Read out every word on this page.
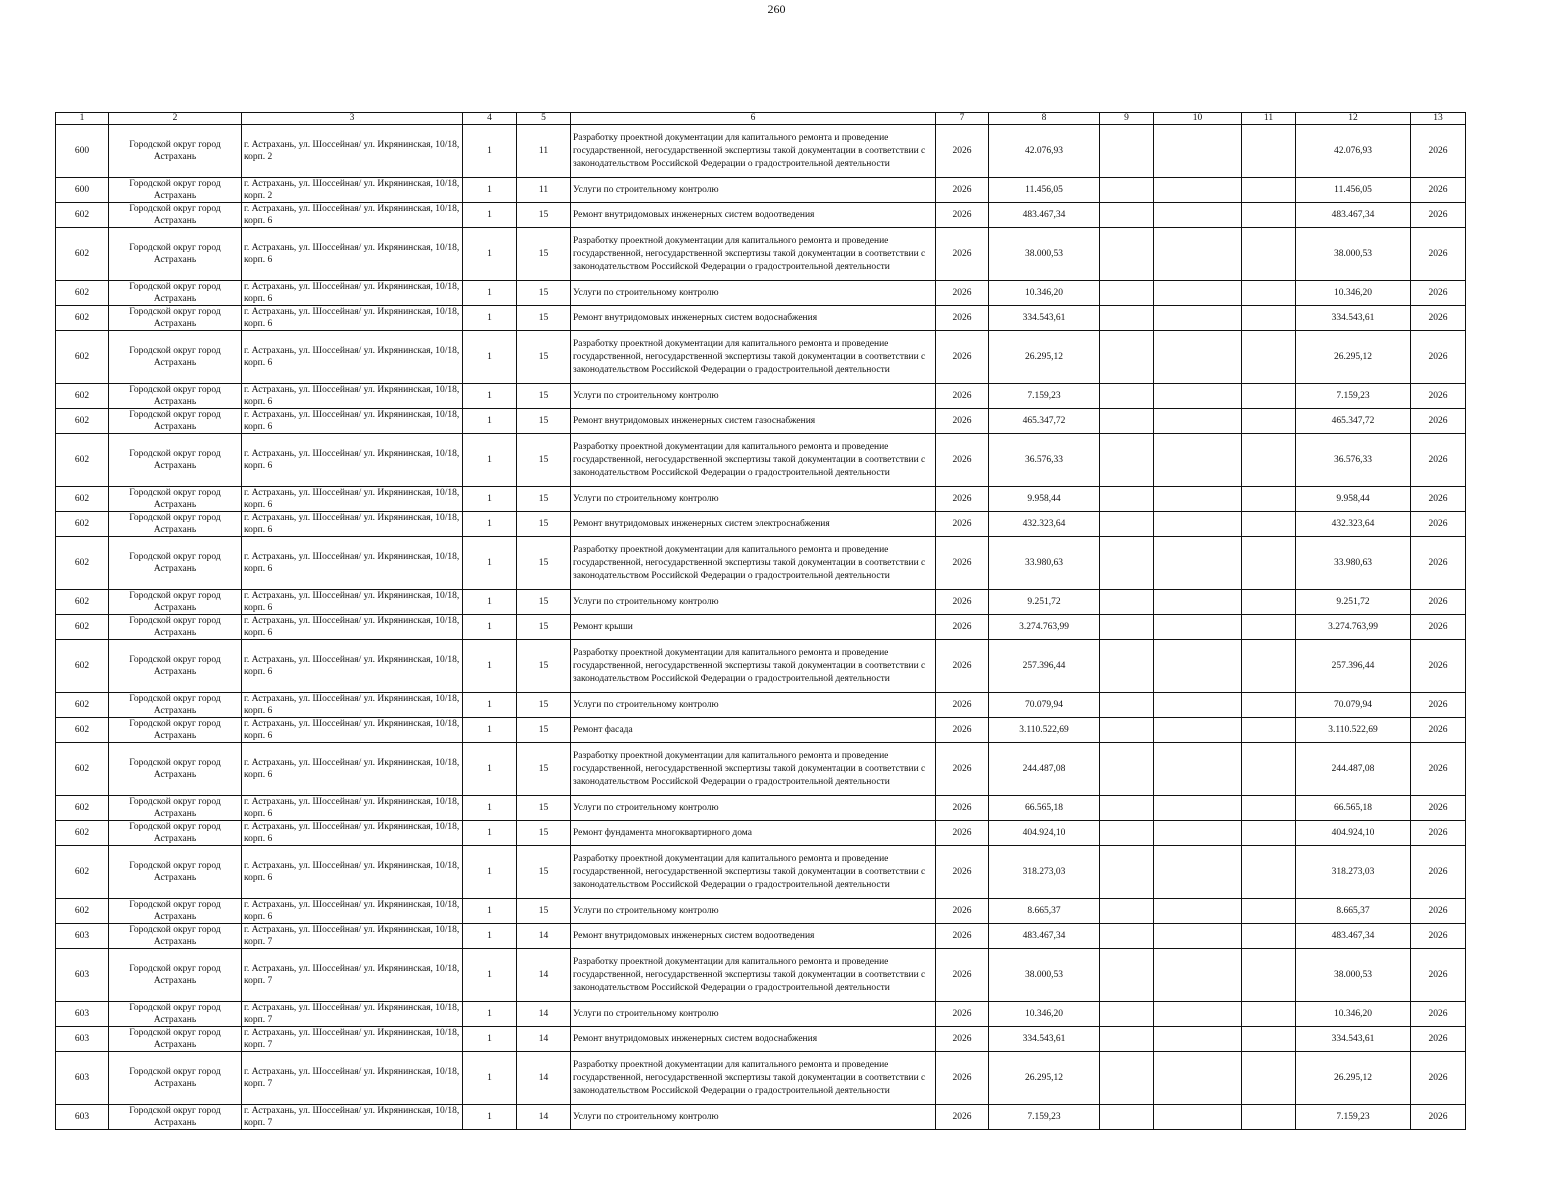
260
1	2	3	4	5	6	7	8	9	10	11	12	13
600	Городской округ город Астрахань	г. Астрахань, ул. Шоссейная/ ул. Икрянинская, 10/18, корп. 2	1	11	Разработку проектной документации для капитального ремонта и проведение государственной, негосударственной экспертизы такой документации в соответствии с законодательством Российской Федерации о градостроительной деятельности	2026	42.076,93				42.076,93	2026
600	Городской округ город Астрахань	г. Астрахань, ул. Шоссейная/ ул. Икрянинская, 10/18, корп. 2	1	11	Услуги по строительному контролю	2026	11.456,05				11.456,05	2026
602	Городской округ город Астрахань	г. Астрахань, ул. Шоссейная/ ул. Икрянинская, 10/18, корп. 6	1	15	Ремонт внутридомовых инженерных систем водоотведения	2026	483.467,34				483.467,34	2026
602	Городской округ город Астрахань	г. Астрахань, ул. Шоссейная/ ул. Икрянинская, 10/18, корп. 6	1	15	Разработку проектной документации для капитального ремонта и проведение государственной, негосударственной экспертизы такой документации в соответствии с законодательством Российской Федерации о градостроительной деятельности	2026	38.000,53				38.000,53	2026
602	Городской округ город Астрахань	г. Астрахань, ул. Шоссейная/ ул. Икрянинская, 10/18, корп. 6	1	15	Услуги по строительному контролю	2026	10.346,20				10.346,20	2026
602	Городской округ город Астрахань	г. Астрахань, ул. Шоссейная/ ул. Икрянинская, 10/18, корп. 6	1	15	Ремонт внутридомовых инженерных систем водоснабжения	2026	334.543,61				334.543,61	2026
602	Городской округ город Астрахань	г. Астрахань, ул. Шоссейная/ ул. Икрянинская, 10/18, корп. 6	1	15	Разработку проектной документации для капитального ремонта и проведение государственной, негосударственной экспертизы такой документации в соответствии с законодательством Российской Федерации о градостроительной деятельности	2026	26.295,12				26.295,12	2026
602	Городской округ город Астрахань	г. Астрахань, ул. Шоссейная/ ул. Икрянинская, 10/18, корп. 6	1	15	Услуги по строительному контролю	2026	7.159,23				7.159,23	2026
602	Городской округ город Астрахань	г. Астрахань, ул. Шоссейная/ ул. Икрянинская, 10/18, корп. 6	1	15	Ремонт внутридомовых инженерных систем газоснабжения	2026	465.347,72				465.347,72	2026
602	Городской округ город Астрахань	г. Астрахань, ул. Шоссейная/ ул. Икрянинская, 10/18, корп. 6	1	15	Разработку проектной документации для капитального ремонта и проведение государственной, негосударственной экспертизы такой документации в соответствии с законодательством Российской Федерации о градостроительной деятельности	2026	36.576,33				36.576,33	2026
602	Городской округ город Астрахань	г. Астрахань, ул. Шоссейная/ ул. Икрянинская, 10/18, корп. 6	1	15	Услуги по строительному контролю	2026	9.958,44				9.958,44	2026
602	Городской округ город Астрахань	г. Астрахань, ул. Шоссейная/ ул. Икрянинская, 10/18, корп. 6	1	15	Ремонт внутридомовых инженерных систем электроснабжения	2026	432.323,64				432.323,64	2026
602	Городской округ город Астрахань	г. Астрахань, ул. Шоссейная/ ул. Икрянинская, 10/18, корп. 6	1	15	Разработку проектной документации для капитального ремонта и проведение государственной, негосударственной экспертизы такой документации в соответствии с законодательством Российской Федерации о градостроительной деятельности	2026	33.980,63				33.980,63	2026
602	Городской округ город Астрахань	г. Астрахань, ул. Шоссейная/ ул. Икрянинская, 10/18, корп. 6	1	15	Услуги по строительному контролю	2026	9.251,72				9.251,72	2026
602	Городской округ город Астрахань	г. Астрахань, ул. Шоссейная/ ул. Икрянинская, 10/18, корп. 6	1	15	Ремонт крыши	2026	3.274.763,99				3.274.763,99	2026
602	Городской округ город Астрахань	г. Астрахань, ул. Шоссейная/ ул. Икрянинская, 10/18, корп. 6	1	15	Разработку проектной документации для капитального ремонта и проведение государственной, негосударственной экспертизы такой документации в соответствии с законодательством Российской Федерации о градостроительной деятельности	2026	257.396,44				257.396,44	2026
602	Городской округ город Астрахань	г. Астрахань, ул. Шоссейная/ ул. Икрянинская, 10/18, корп. 6	1	15	Услуги по строительному контролю	2026	70.079,94				70.079,94	2026
602	Городской округ город Астрахань	г. Астрахань, ул. Шоссейная/ ул. Икрянинская, 10/18, корп. 6	1	15	Ремонт фасада	2026	3.110.522,69				3.110.522,69	2026
602	Городской округ город Астрахань	г. Астрахань, ул. Шоссейная/ ул. Икрянинская, 10/18, корп. 6	1	15	Разработку проектной документации для капитального ремонта и проведение государственной, негосударственной экспертизы такой документации в соответствии с законодательством Российской Федерации о градостроительной деятельности	2026	244.487,08				244.487,08	2026
602	Городской округ город Астрахань	г. Астрахань, ул. Шоссейная/ ул. Икрянинская, 10/18, корп. 6	1	15	Услуги по строительному контролю	2026	66.565,18				66.565,18	2026
602	Городской округ город Астрахань	г. Астрахань, ул. Шоссейная/ ул. Икрянинская, 10/18, корп. 6	1	15	Ремонт фундамента многоквартирного дома	2026	404.924,10				404.924,10	2026
602	Городской округ город Астрахань	г. Астрахань, ул. Шоссейная/ ул. Икрянинская, 10/18, корп. 6	1	15	Разработку проектной документации для капитального ремонта и проведение государственной, негосударственной экспертизы такой документации в соответствии с законодательством Российской Федерации о градостроительной деятельности	2026	318.273,03				318.273,03	2026
602	Городской округ город Астрахань	г. Астрахань, ул. Шоссейная/ ул. Икрянинская, 10/18, корп. 6	1	15	Услуги по строительному контролю	2026	8.665,37				8.665,37	2026
603	Городской округ город Астрахань	г. Астрахань, ул. Шоссейная/ ул. Икрянинская, 10/18, корп. 7	1	14	Ремонт внутридомовых инженерных систем водоотведения	2026	483.467,34				483.467,34	2026
603	Городской округ город Астрахань	г. Астрахань, ул. Шоссейная/ ул. Икрянинская, 10/18, корп. 7	1	14	Разработку проектной документации для капитального ремонта и проведение государственной, негосударственной экспертизы такой документации в соответствии с законодательством Российской Федерации о градостроительной деятельности	2026	38.000,53				38.000,53	2026
603	Городской округ город Астрахань	г. Астрахань, ул. Шоссейная/ ул. Икрянинская, 10/18, корп. 7	1	14	Услуги по строительному контролю	2026	10.346,20				10.346,20	2026
603	Городской округ город Астрахань	г. Астрахань, ул. Шоссейная/ ул. Икрянинская, 10/18, корп. 7	1	14	Ремонт внутридомовых инженерных систем водоснабжения	2026	334.543,61				334.543,61	2026
603	Городской округ город Астрахань	г. Астрахань, ул. Шоссейная/ ул. Икрянинская, 10/18, корп. 7	1	14	Разработку проектной документации для капитального ремонта и проведение государственной, негосударственной экспертизы такой документации в соответствии с законодательством Российской Федерации о градостроительной деятельности	2026	26.295,12				26.295,12	2026
603	Городской округ город Астрахань	г. Астрахань, ул. Шоссейная/ ул. Икрянинская, 10/18, корп. 7	1	14	Услуги по строительному контролю	2026	7.159,23				7.159,23	2026
